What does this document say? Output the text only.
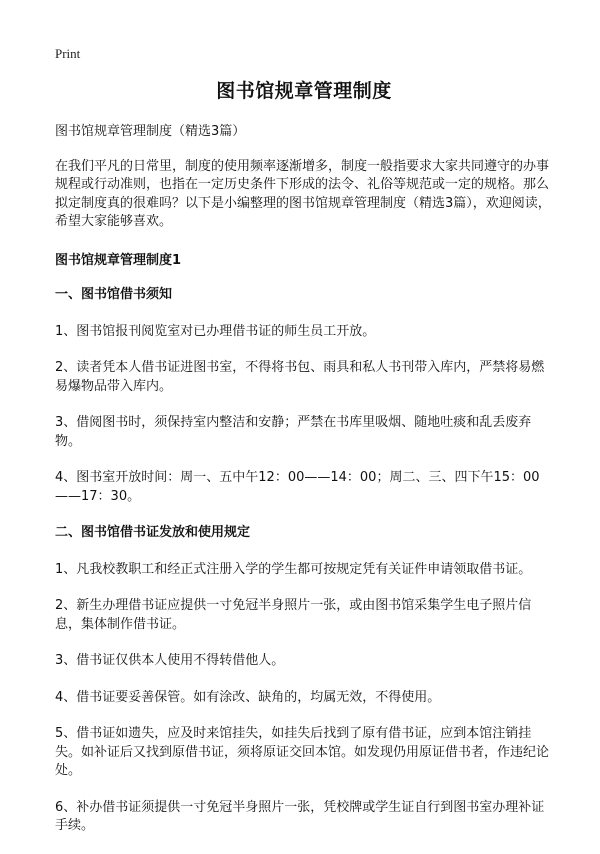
Print
图书馆规章管理制度

图书馆规章管理制度（精选3篇）

在我们平凡的日常里，制度的使用频率逐渐增多，制度一般指要求大家共同遵守的办事规程或行动准则，也指在一定历史条件下形成的法令、礼俗等规范或一定的规格。那么拟定制度真的很难吗？以下是小编整理的图书馆规章管理制度（精选3篇），欢迎阅读，希望大家能够喜欢。

图书馆规章管理制度1

一、图书馆借书须知

1、图书馆报刊阅览室对已办理借书证的师生员工开放。

2、读者凭本人借书证进图书室，不得将书包、雨具和私人书刊带入库内，严禁将易燃易爆物品带入库内。

3、借阅图书时，须保持室内整洁和安静；严禁在书库里吸烟、随地吐痰和乱丢废弃物。

4、图书室开放时间：周一、五中午12：00——14：00；周二、三、四下午15：00——17：30。

二、图书馆借书证发放和使用规定

1、凡我校教职工和经正式注册入学的学生都可按规定凭有关证件申请领取借书证。

2、新生办理借书证应提供一寸免冠半身照片一张，或由图书馆采集学生电子照片信息，集体制作借书证。

3、借书证仅供本人使用不得转借他人。

4、借书证要妥善保管。如有涂改、缺角的，均属无效，不得使用。

5、借书证如遗失，应及时来馆挂失，如挂失后找到了原有借书证，应到本馆注销挂失。如补证后又找到原借书证，须将原证交回本馆。如发现仍用原证借书者，作违纪论处。

6、补办借书证须提供一寸免冠半身照片一张，凭校牌或学生证自行到图书室办理补证手续。
